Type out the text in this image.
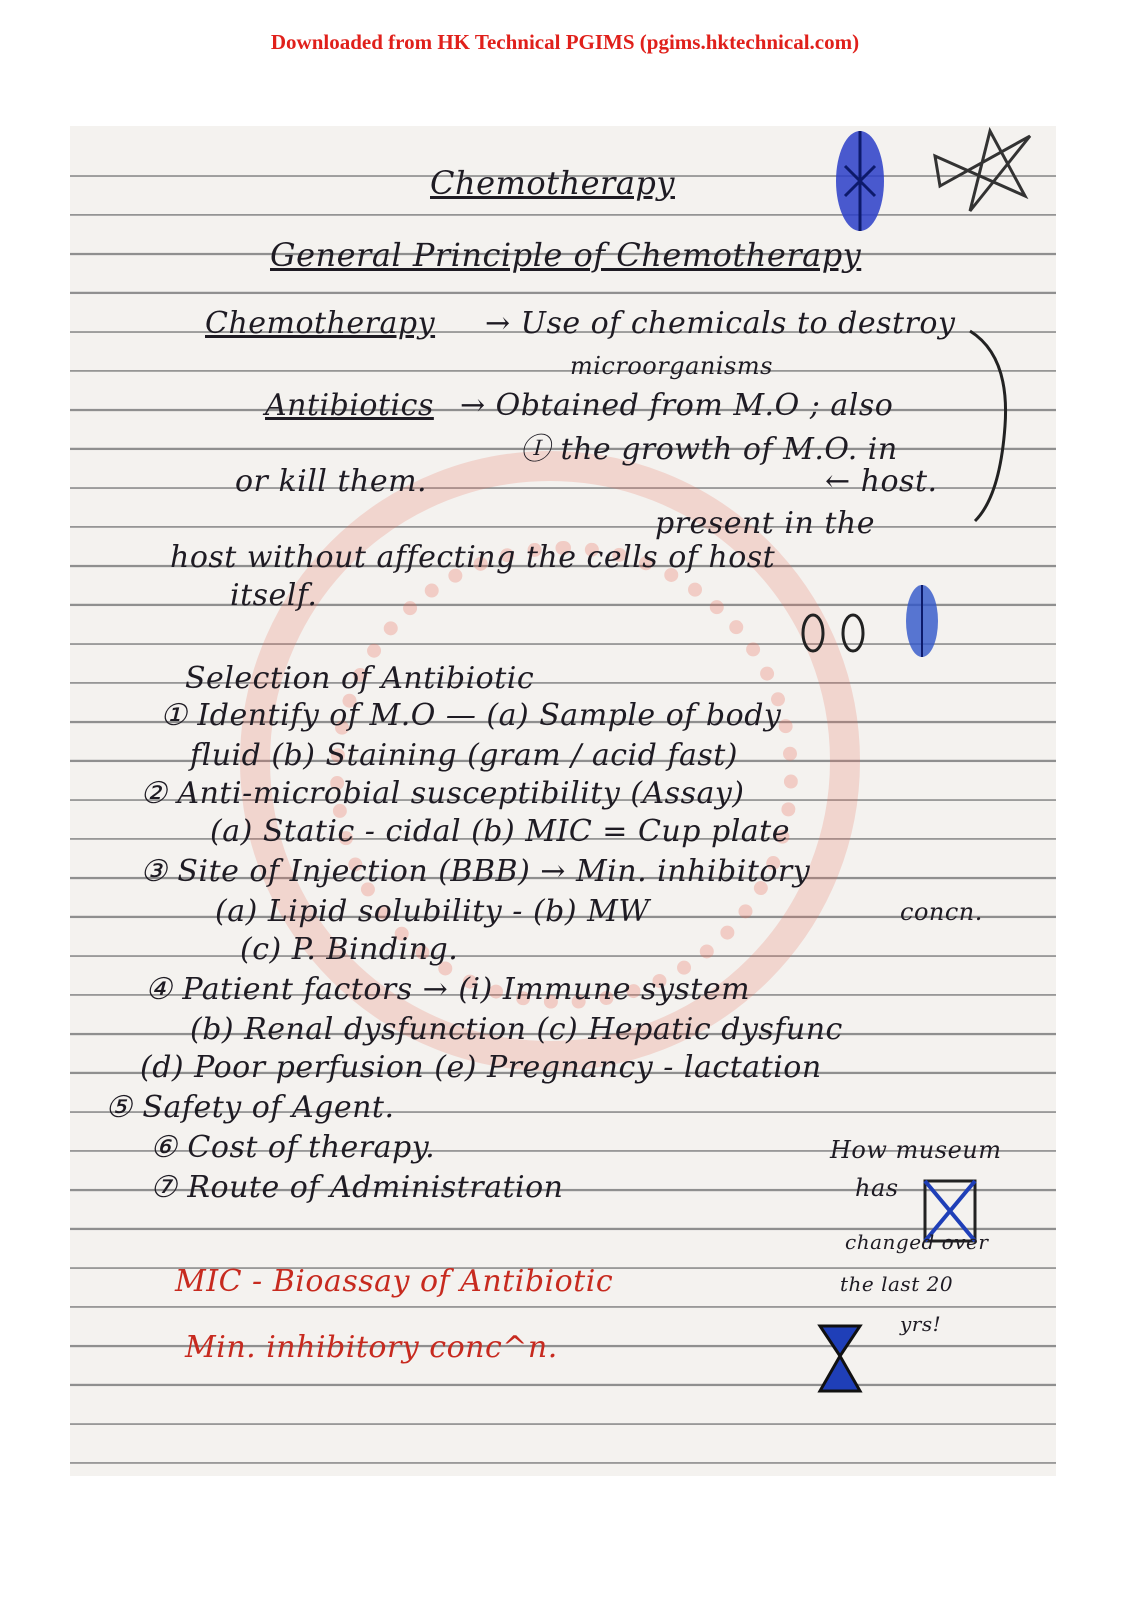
Downloaded from HK Technical PGIMS (pgims.hktechnical.com)
Chemotherapy
General Principle of Chemotherapy
Chemotherapy → Use of chemicals to destroy
microorganisms
Antibiotics → Obtained from M.O ; also
Ⓘ the growth of M.O. in
or kill them.	← host.
present in the
host without affecting the cells of host
itself.
Selection of Antibiotic
① Identify of M.O — (a) Sample of body
fluid (b) Staining (gram / acid fast)
② Anti-microbial susceptibility (Assay)
(a) Static - cidal (b) MIC = Cup plate
③ Site of Injection (BBB) → Min. inhibitory
(a) Lipid solubility - (b) MW	concn.
(c) P. Binding.
④ Patient factors → (i) Immune system
(b) Renal dysfunction (c) Hepatic dysfunc
(d) Poor perfusion (e) Pregnancy - lactation
⑤ Safety of Agent.
⑥ Cost of therapy.
⑦ Route of Administration
How museum
has
changed over
the last 20
yrs!
MIC - Bioassay of Antibiotic
Min. inhibitory conc^n.
